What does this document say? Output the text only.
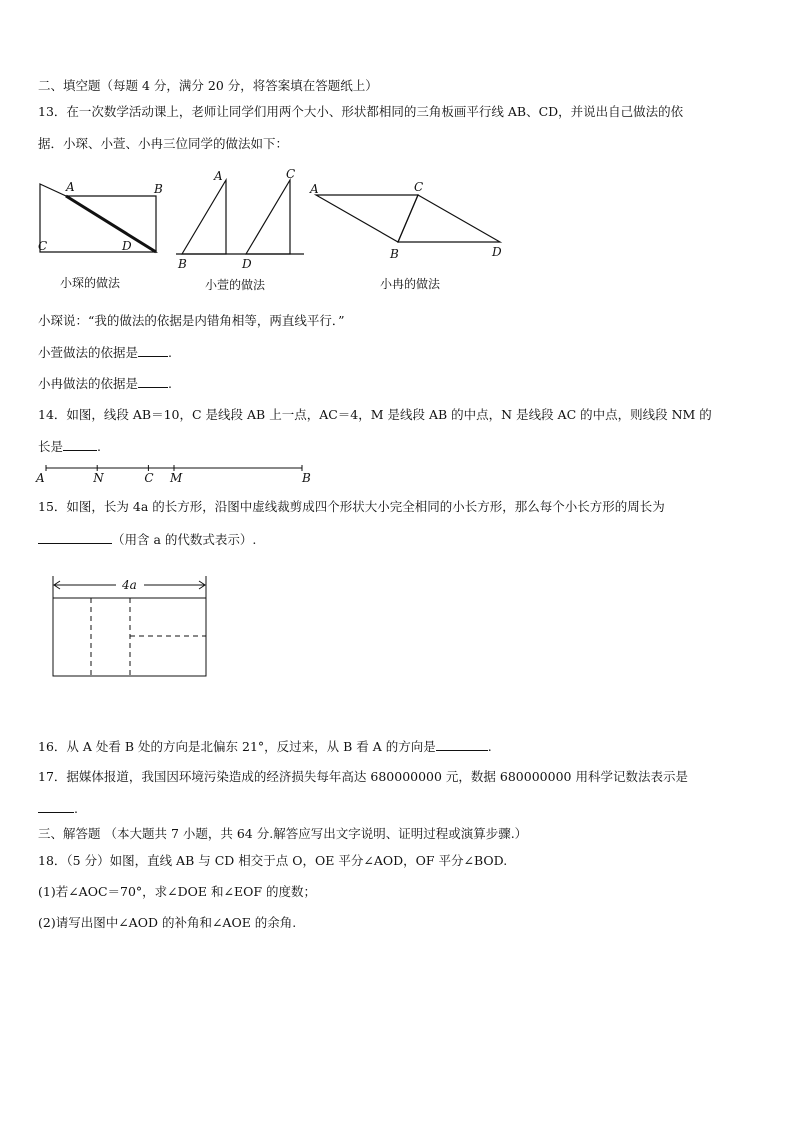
二、填空题（每题 4 分，满分 20 分，将答案填在答题纸上）
13．在一次数学活动课上，老师让同学们用两个大小、形状都相同的三角板画平行线 AB、CD，并说出自己做法的依
据．小琛、小萱、小冉三位同学的做法如下：
A	B
C	D
小琛的做法
A	C
B	D
小萱的做法
A	C
B	D
小冉的做法
小琛说：“我的做法的依据是内错角相等，两直线平行．”
小萱做法的依据是 .
小冉做法的依据是 .
14．如图，线段 AB＝10，C 是线段 AB 上一点，AC＝4，M 是线段 AB 的中点，N 是线段 AC 的中点，则线段 NM 的
长是	.
A	N	C M	B
15．如图，长为 4a 的长方形，沿图中虚线裁剪成四个形状大小完全相同的小长方形，那么每个小长方形的周长为
（用含 a 的代数式表示）.
4a
16．从 A 处看 B 处的方向是北偏东 21°，反过来，从 B 看 A 的方向是	.
17．据媒体报道，我国因环境污染造成的经济损失每年高达 680000000 元，数据 680000000 用科学记数法表示是
.
三、解答题 （本大题共 7 小题，共 64 分.解答应写出文字说明、证明过程或演算步骤.）
18．（5 分）如图，直线 AB 与 CD 相交于点 O，OE 平分∠AOD，OF 平分∠BOD.
(1)若∠AOC＝70°，求∠DOE 和∠EOF 的度数；
(2)请写出图中∠AOD 的补角和∠AOE 的余角.
